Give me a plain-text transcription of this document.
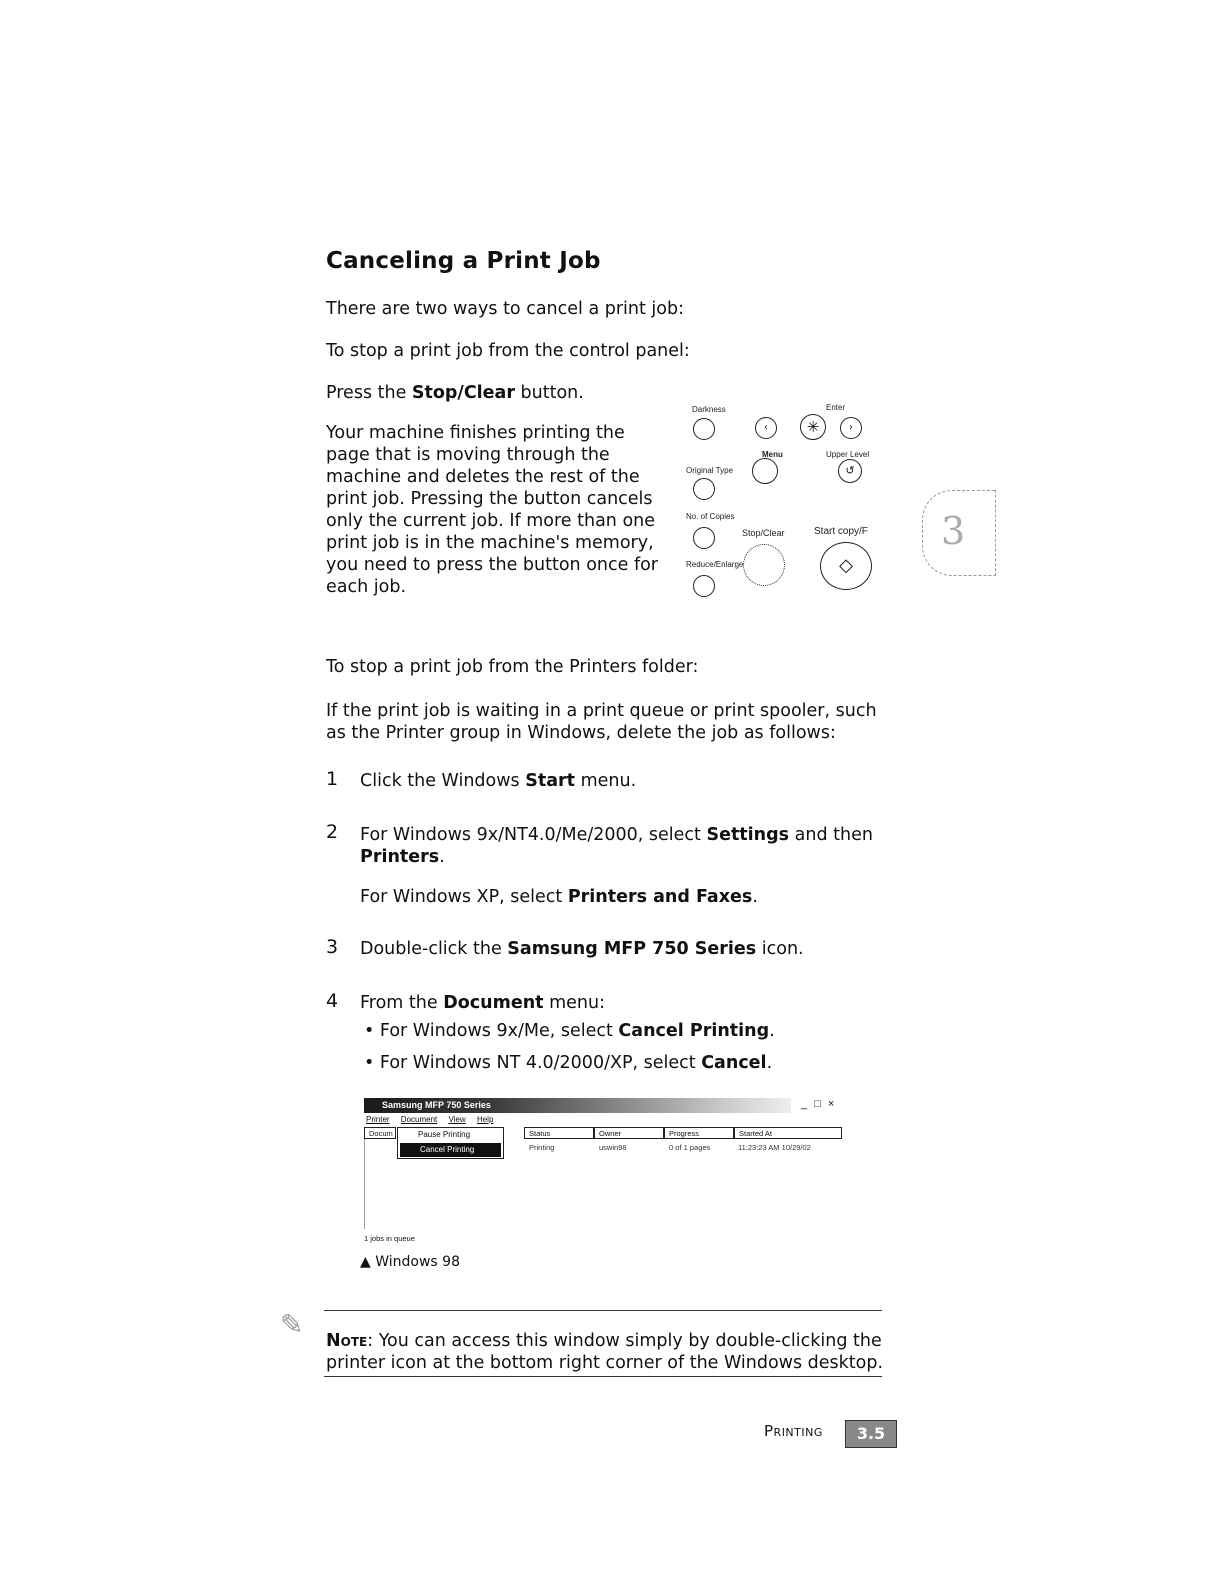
Canceling a Print Job
There are two ways to cancel a print job:
To stop a print job from the control panel:
Press the Stop/Clear button.
Your machine finishes printing the
page that is moving through the
machine and deletes the rest of the
print job. Pressing the button cancels
only the current job. If more than one
print job is in the machine's memory,
you need to press the button once for
each job.
Darkness	Enter
‹	✳	›
Menu	Upper Level
Original Type	↺
No. of Copies
Stop/Clear	Start copy/F
Reduce/Enlarge	◇
3
To stop a print job from the Printers folder:
If the print job is waiting in a print queue or print spooler, such
as the Printer group in Windows, delete the job as follows:
1 Click the Windows Start menu.
2 For Windows 9x/NT4.0/Me/2000, select Settings and then
Printers.
For Windows XP, select Printers and Faxes.
3 Double-click the Samsung MFP 750 Series icon.
4 From the Document menu:
• For Windows 9x/Me, select Cancel Printing.
• For Windows NT 4.0/2000/XP, select Cancel.
Samsung MFP 750 Series	_ □ ×
Printer Document View Help
Docum	Status	Owner	Progress	Started At
Pause Printing
Cancel Printing	Printing	uswin98	0 of 1 pages	11:23:23 AM 10/29/02
1 jobs in queue
▲ Windows 98
✎	Note: You can access this window simply by double-clicking the
printer icon at the bottom right corner of the Windows desktop.
Printing	3.5
